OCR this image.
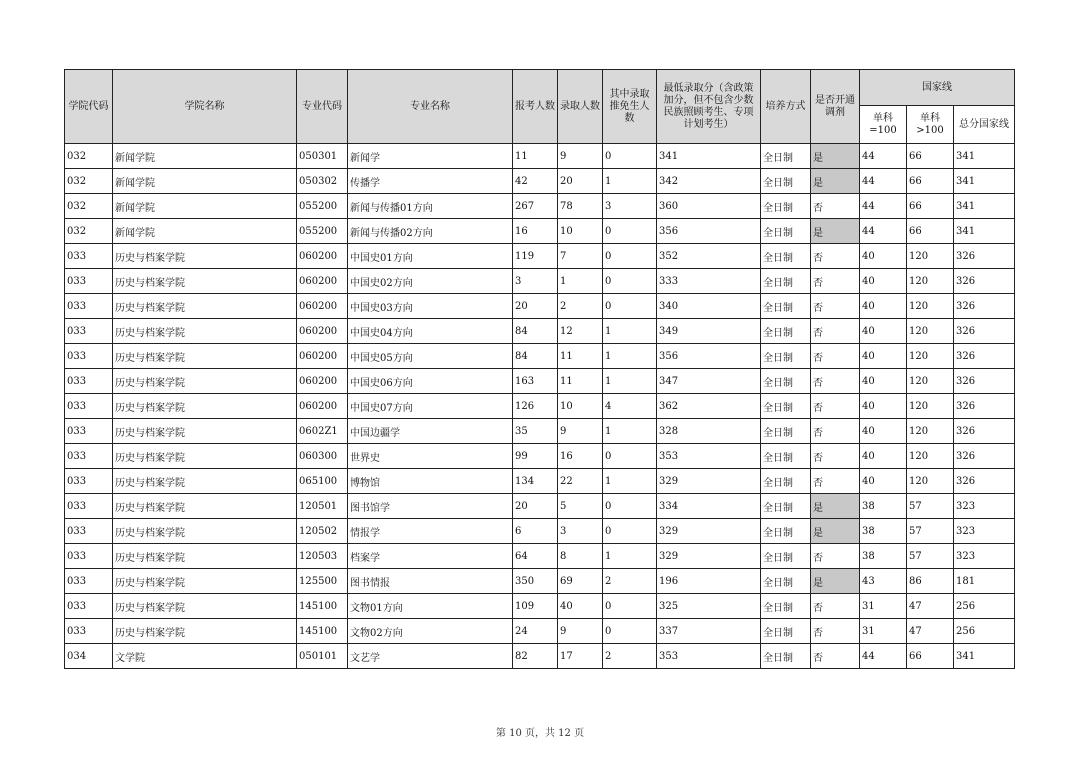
学院代码	学院名称	专业代码	专业名称	报考人数	录取人数	其中录取推免生人数	最低录取分（含政策加分，但不包含少数民族照顾考生、专项计划考生）	培养方式	是否开通调剂	国家线		
										单科=100	单科>100	总分国家线
032	新闻学院	050301	新闻学	11	9	0	341	全日制	是	44	66	341
032	新闻学院	050302	传播学	42	20	1	342	全日制	是	44	66	341
032	新闻学院	055200	新闻与传播01方向	267	78	3	360	全日制	否	44	66	341
032	新闻学院	055200	新闻与传播02方向	16	10	0	356	全日制	是	44	66	341
033	历史与档案学院	060200	中国史01方向	119	7	0	352	全日制	否	40	120	326
033	历史与档案学院	060200	中国史02方向	3	1	0	333	全日制	否	40	120	326
033	历史与档案学院	060200	中国史03方向	20	2	0	340	全日制	否	40	120	326
033	历史与档案学院	060200	中国史04方向	84	12	1	349	全日制	否	40	120	326
033	历史与档案学院	060200	中国史05方向	84	11	1	356	全日制	否	40	120	326
033	历史与档案学院	060200	中国史06方向	163	11	1	347	全日制	否	40	120	326
033	历史与档案学院	060200	中国史07方向	126	10	4	362	全日制	否	40	120	326
033	历史与档案学院	0602Z1	中国边疆学	35	9	1	328	全日制	否	40	120	326
033	历史与档案学院	060300	世界史	99	16	0	353	全日制	否	40	120	326
033	历史与档案学院	065100	博物馆	134	22	1	329	全日制	否	40	120	326
033	历史与档案学院	120501	图书馆学	20	5	0	334	全日制	是	38	57	323
033	历史与档案学院	120502	情报学	6	3	0	329	全日制	是	38	57	323
033	历史与档案学院	120503	档案学	64	8	1	329	全日制	否	38	57	323
033	历史与档案学院	125500	图书情报	350	69	2	196	全日制	是	43	86	181
033	历史与档案学院	145100	文物01方向	109	40	0	325	全日制	否	31	47	256
033	历史与档案学院	145100	文物02方向	24	9	0	337	全日制	否	31	47	256
034	文学院	050101	文艺学	82	17	2	353	全日制	否	44	66	341
第 10 页，共 12 页
